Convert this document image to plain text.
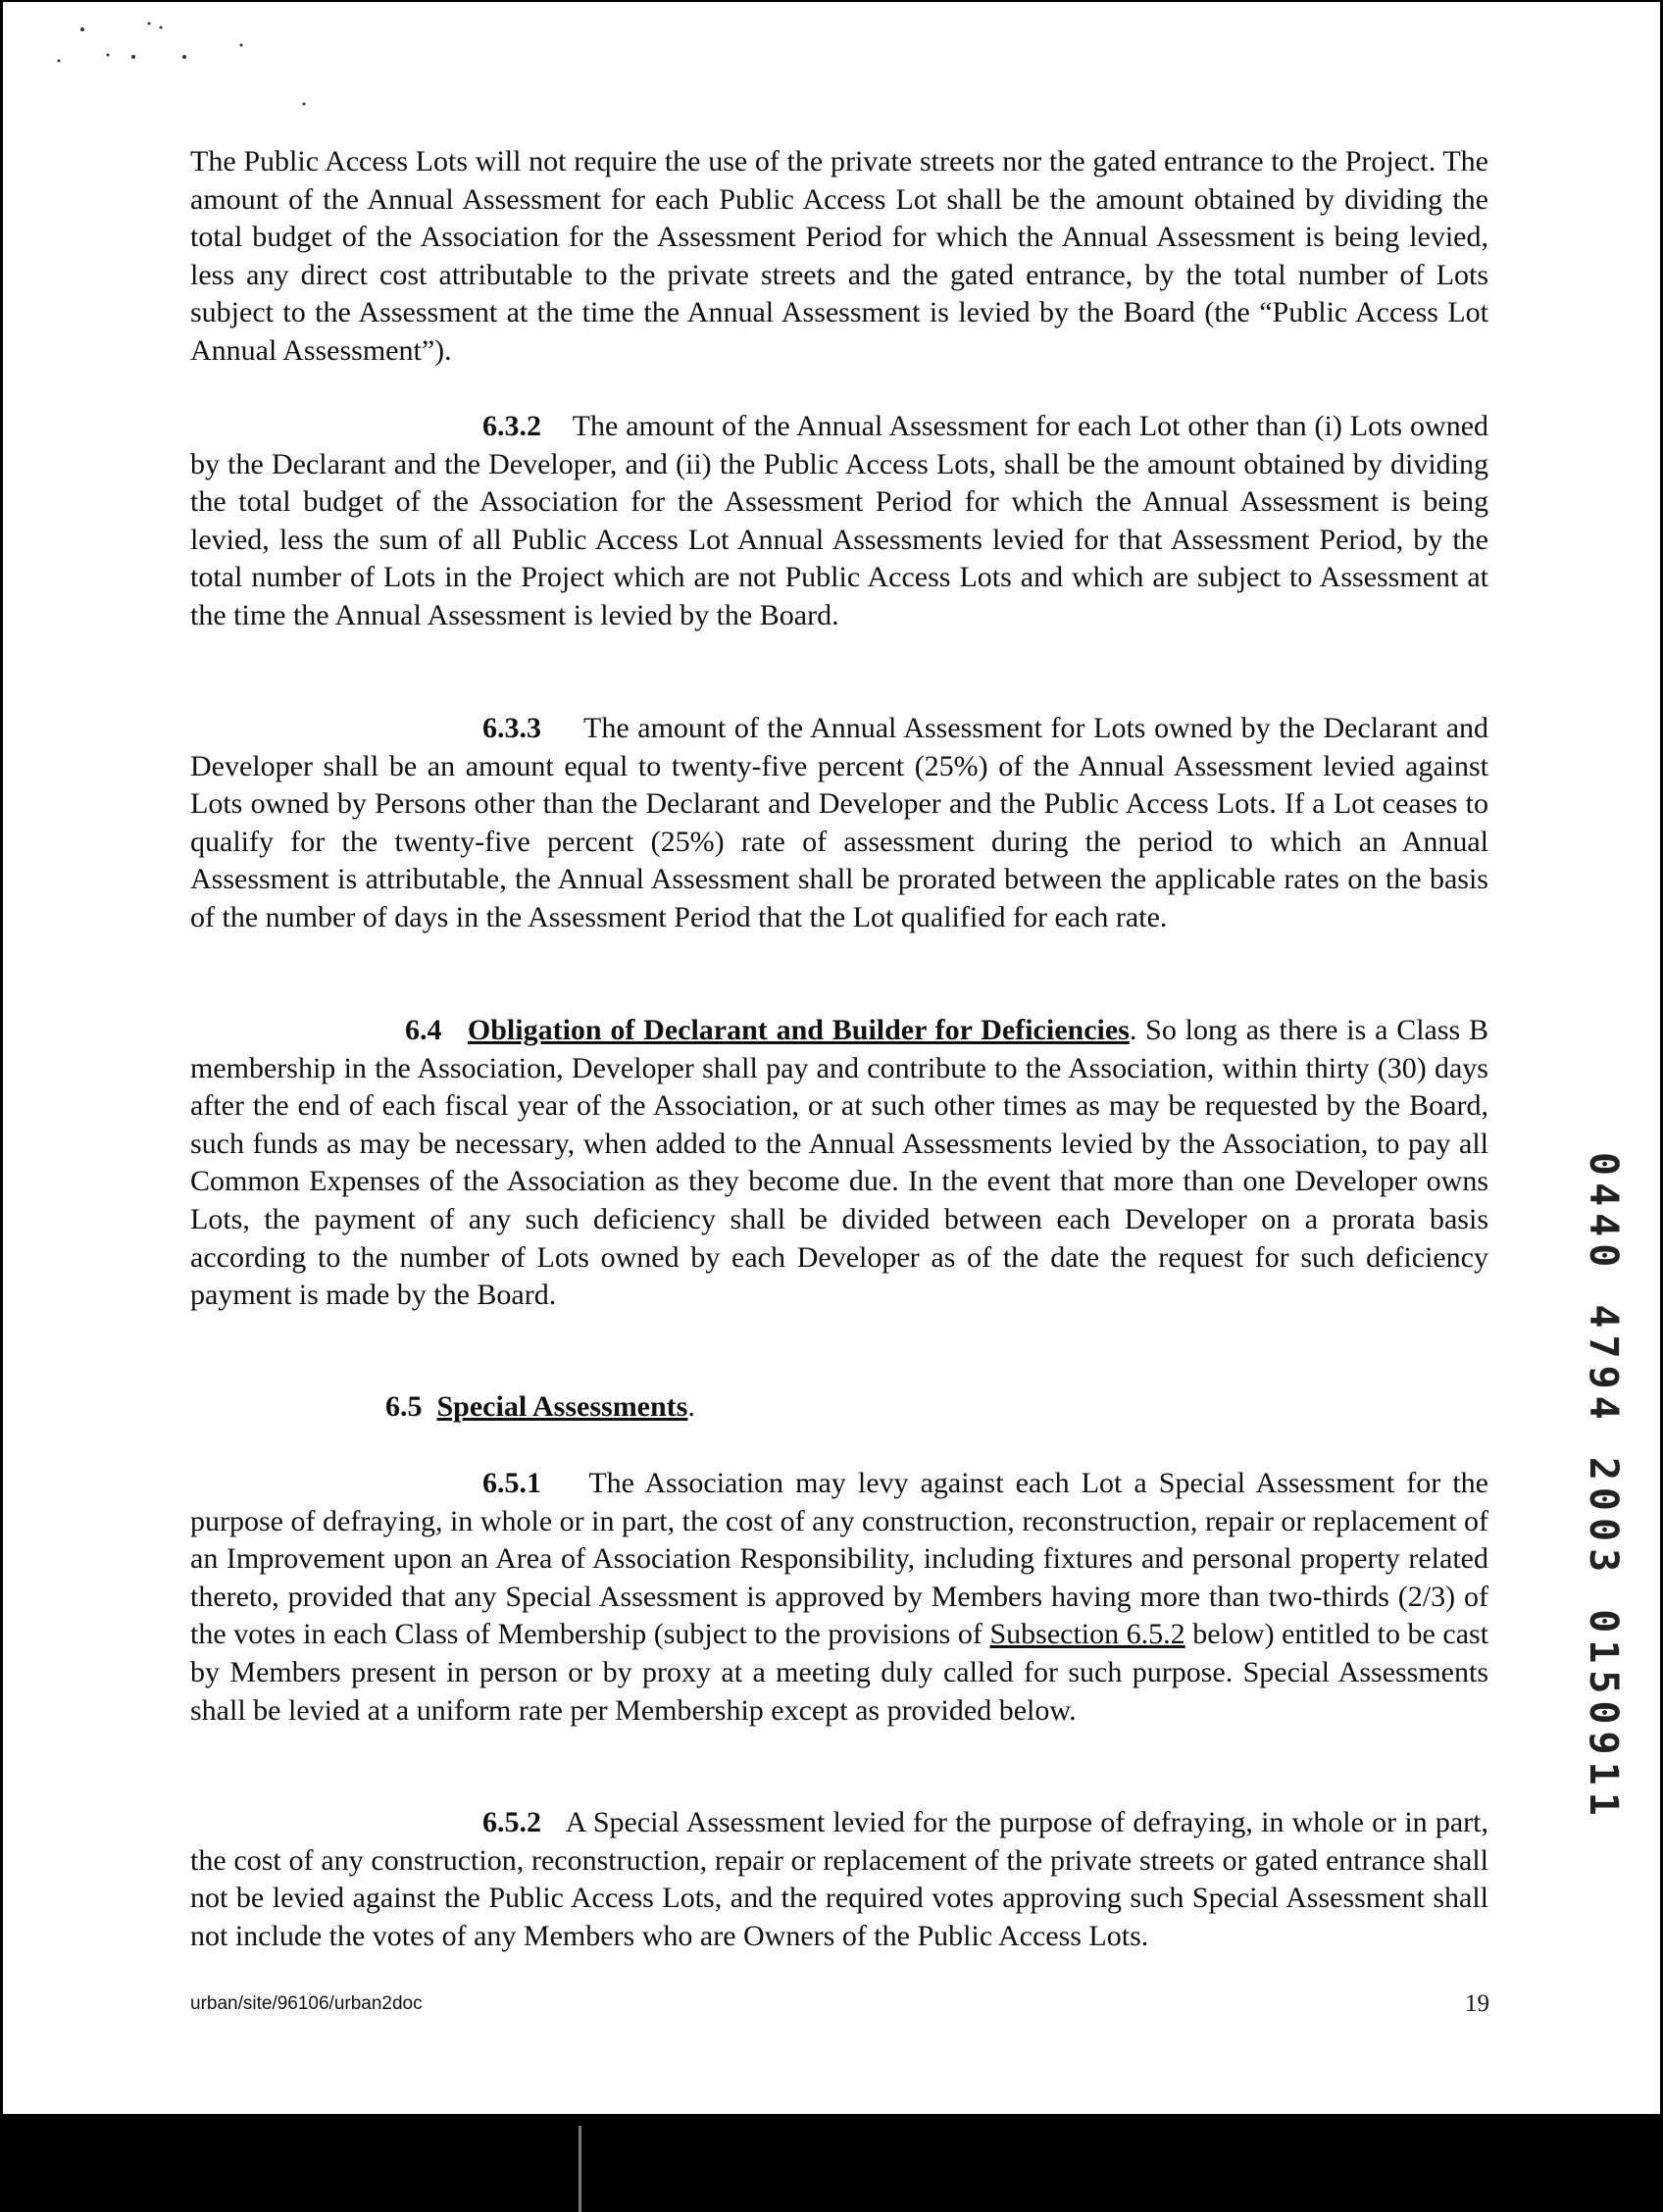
The Public Access Lots will not require the use of the private streets nor the gated entrance to the Project. The amount of the Annual Assessment for each Public Access Lot shall be the amount obtained by dividing the total budget of the Association for the Assessment Period for which the Annual Assessment is being levied, less any direct cost attributable to the private streets and the gated entrance, by the total number of Lots subject to the Assessment at the time the Annual Assessment is levied by the Board (the “Public Access Lot Annual Assessment”).

6.3.2 The amount of the Annual Assessment for each Lot other than (i) Lots owned by the Declarant and the Developer, and (ii) the Public Access Lots, shall be the amount obtained by dividing the total budget of the Association for the Assessment Period for which the Annual Assessment is being levied, less the sum of all Public Access Lot Annual Assessments levied for that Assessment Period, by the total number of Lots in the Project which are not Public Access Lots and which are subject to Assessment at the time the Annual Assessment is levied by the Board.

6.3.3 The amount of the Annual Assessment for Lots owned by the Declarant and Developer shall be an amount equal to twenty-five percent (25%) of the Annual Assessment levied against Lots owned by Persons other than the Declarant and Developer and the Public Access Lots. If a Lot ceases to qualify for the twenty-five percent (25%) rate of assessment during the period to which an Annual Assessment is attributable, the Annual Assessment shall be prorated between the applicable rates on the basis of the number of days in the Assessment Period that the Lot qualified for each rate.

6.4 Obligation of Declarant and Builder for Deficiencies. So long as there is a Class B membership in the Association, Developer shall pay and contribute to the Association, within thirty (30) days after the end of each fiscal year of the Association, or at such other times as may be requested by the Board, such funds as may be necessary, when added to the Annual Assessments levied by the Association, to pay all Common Expenses of the Association as they become due. In the event that more than one Developer owns Lots, the payment of any such deficiency shall be divided between each Developer on a prorata basis according to the number of Lots owned by each Developer as of the date the request for such deficiency payment is made by the Board.

6.5 Special Assessments.

6.5.1 The Association may levy against each Lot a Special Assessment for the purpose of defraying, in whole or in part, the cost of any construction, reconstruction, repair or replacement of an Improvement upon an Area of Association Responsibility, including fixtures and personal property related thereto, provided that any Special Assessment is approved by Members having more than two-thirds (2/3) of the votes in each Class of Membership (subject to the provisions of Subsection 6.5.2 below) entitled to be cast by Members present in person or by proxy at a meeting duly called for such purpose. Special Assessments shall be levied at a uniform rate per Membership except as provided below.

6.5.2 A Special Assessment levied for the purpose of defraying, in whole or in part, the cost of any construction, reconstruction, repair or replacement of the private streets or gated entrance shall not be levied against the Public Access Lots, and the required votes approving such Special Assessment shall not include the votes of any Members who are Owners of the Public Access Lots.

urban/site/96106/urban2doc	19
0440 4794 2003 0150911
